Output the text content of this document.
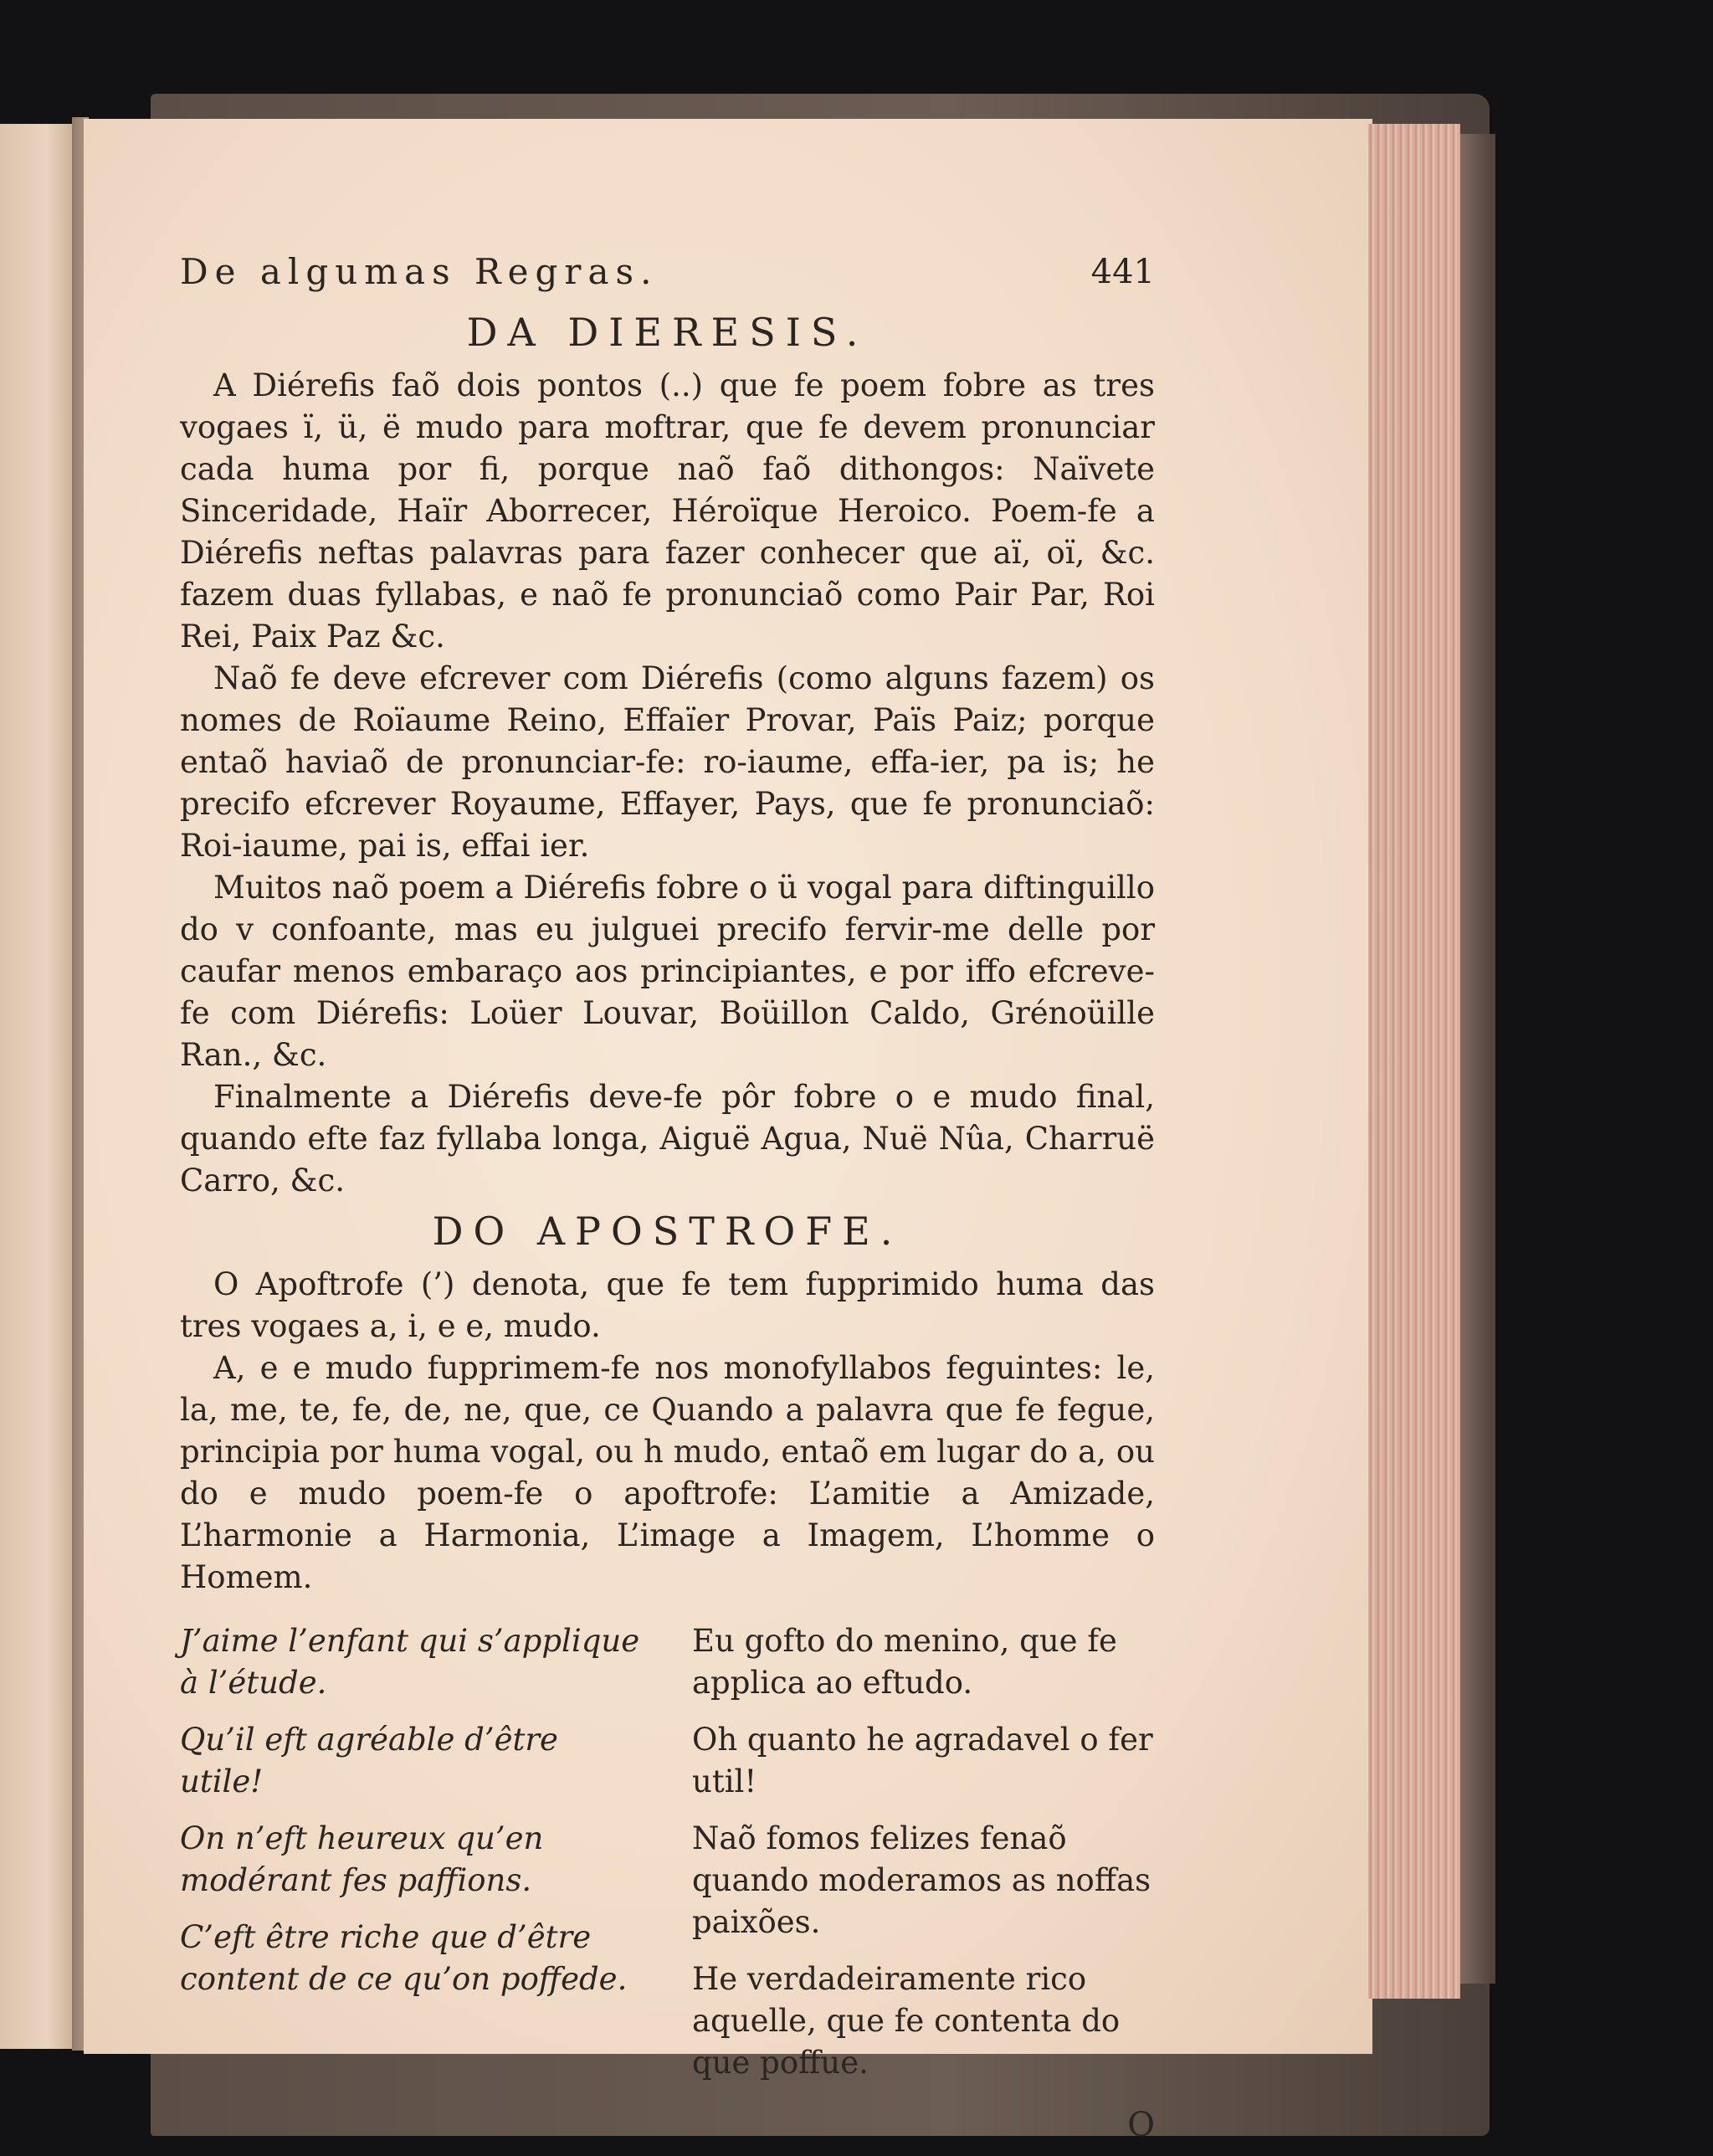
De algumas Regras.	441
DA DIERESIS.
A Diérefis faõ dois pontos (..) que fe poem fobre as tres vogaes ï, ü, ë mudo para moftrar, que fe devem pronunciar cada huma por fi, porque naõ faõ dithongos: Naïvete Sinceridade, Haïr Aborrecer, Héroïque Heroico. Poem-fe a Diérefis neftas palavras para fazer conhecer que aï, oï, &c. fazem duas fyllabas, e naõ fe pronunciaõ como Pair Par, Roi Rei, Paix Paz &c.
Naõ fe deve efcrever com Diérefis (como alguns fazem) os nomes de Roïaume Reino, Effaïer Provar, Païs Paiz; porque entaõ haviaõ de pronunciar-fe: ro-iaume, effa-ier, pa is; he precifo efcrever Royaume, Effayer, Pays, que fe pronunciaõ: Roi-iaume, pai is, effai ier.
Muitos naõ poem a Diérefis fobre o ü vogal para diftinguillo do v confoante, mas eu julguei precifo fervir-me delle por caufar menos embaraço aos principiantes, e por iffo efcreve-fe com Diérefis: Loüer Louvar, Boüillon Caldo, Grénoüille Ran., &c.
Finalmente a Diérefis deve-fe pôr fobre o e mudo final, quando efte faz fyllaba longa, Aiguë Agua, Nuë Nûa, Charruë Carro, &c.
DO APOSTROFE.
O Apoftrofe (’) denota, que fe tem fupprimido huma das tres vogaes a, i, e e, mudo.
A, e e mudo fupprimem-fe nos monofyllabos feguintes: le, la, me, te, fe, de, ne, que, ce Quando a palavra que fe fegue, principia por huma vogal, ou h mudo, entaõ em lugar do a, ou do e mudo poem-fe o apoftrofe: L’amitie a Amizade, L’harmonie a Harmonia, L’image a Imagem, L’homme o Homem.
J’aime l’enfant qui s’applique à l’étude.
Qu’il eft agréable d’être utile!
On n’eft heureux qu’en modérant fes paffions.
C’eft être riche que d’être content de ce qu’on poffede.
Eu gofto do menino, que fe applica ao eftudo.
Oh quanto he agradavel o fer util!
Naõ fomos felizes fenaõ quando moderamos as noffas paixões.
He verdadeiramente rico aquelle, que fe contenta do que poffue.
O
